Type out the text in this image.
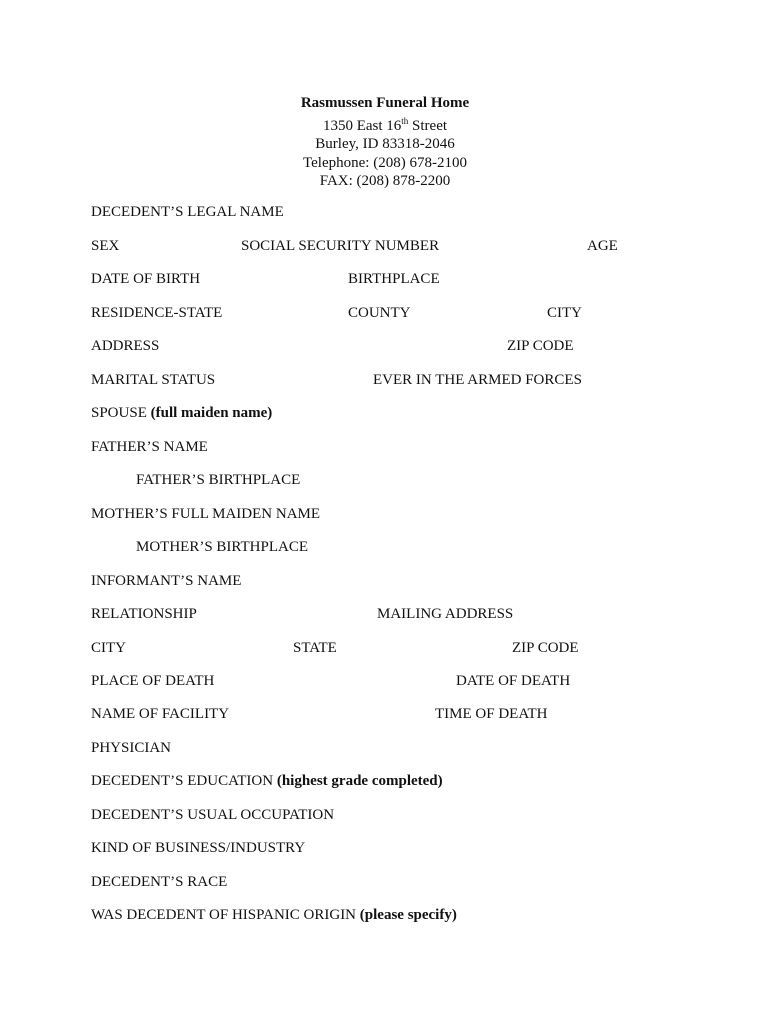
Rasmussen Funeral Home
1350 East 16th Street
Burley, ID 83318-2046
Telephone: (208) 678-2100
FAX: (208) 878-2200
DECEDENT’S LEGAL NAME
SEX	SOCIAL SECURITY NUMBER	AGE
DATE OF BIRTH	BIRTHPLACE
RESIDENCE-STATE	COUNTY	CITY
ADDRESS	ZIP CODE
MARITAL STATUS	EVER IN THE ARMED FORCES
SPOUSE (full maiden name)
FATHER’S NAME
FATHER’S BIRTHPLACE
MOTHER’S FULL MAIDEN NAME
MOTHER’S BIRTHPLACE
INFORMANT’S NAME
RELATIONSHIP	MAILING ADDRESS
CITY	STATE	ZIP CODE
PLACE OF DEATH	DATE OF DEATH
NAME OF FACILITY	TIME OF DEATH
PHYSICIAN
DECEDENT’S EDUCATION (highest grade completed)
DECEDENT’S USUAL OCCUPATION
KIND OF BUSINESS/INDUSTRY
DECEDENT’S RACE
WAS DECEDENT OF HISPANIC ORIGIN (please specify)
